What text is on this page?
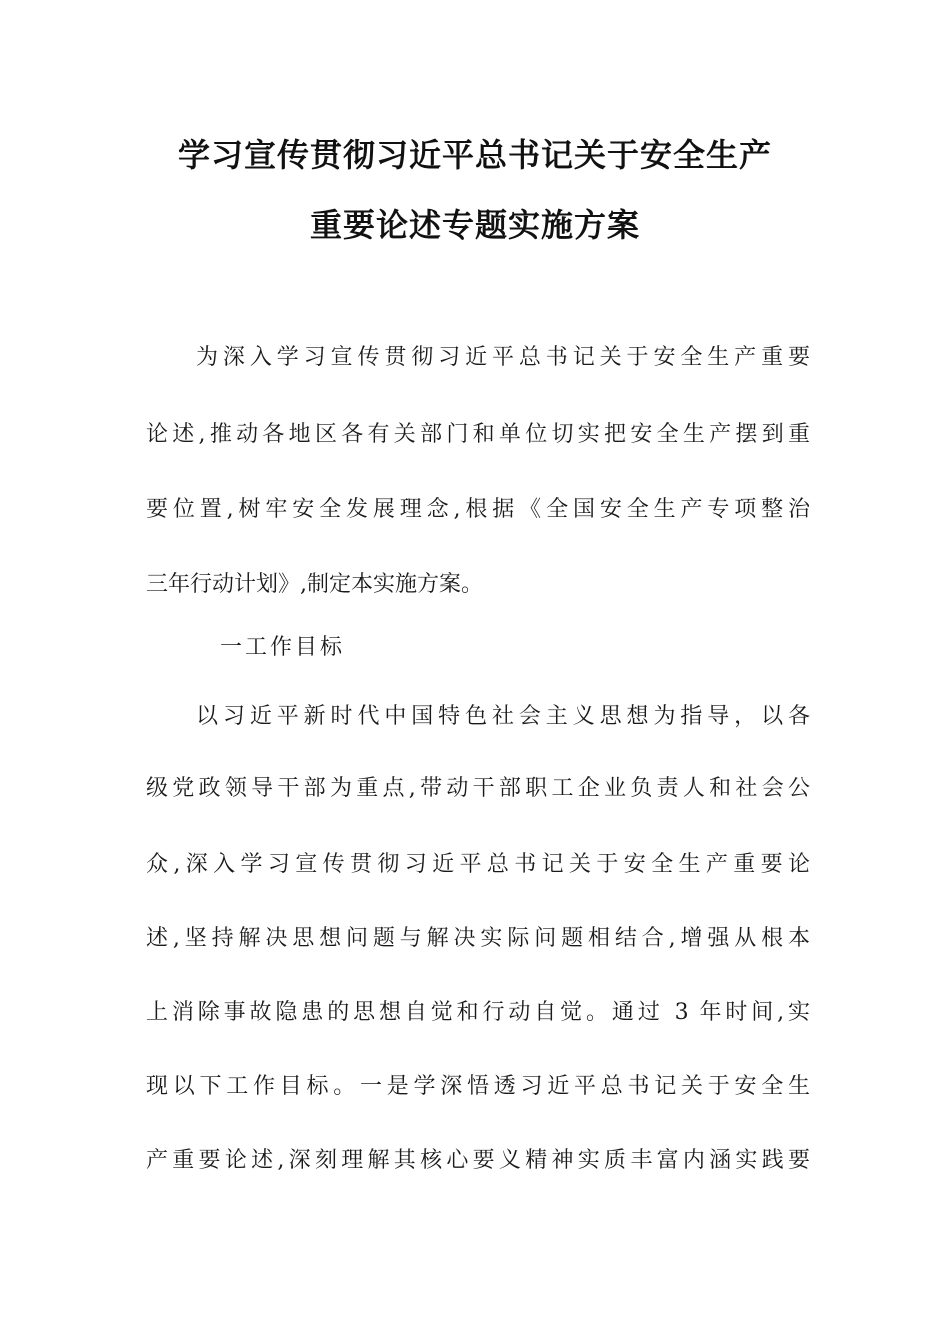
学习宣传贯彻习近平总书记关于安全生产
重要论述专题实施方案
为深入学习宣传贯彻习近平总书记关于安全生产重要
论述,推动各地区各有关部门和单位切实把安全生产摆到重
要位置,树牢安全发展理念,根据《全国安全生产专项整治
三年行动计划》,制定本实施方案。
一工作目标
以习近平新时代中国特色社会主义思想为指导，以各
级党政领导干部为重点,带动干部职工企业负责人和社会公
众,深入学习宣传贯彻习近平总书记关于安全生产重要论
述,坚持解决思想问题与解决实际问题相结合,增强从根本
上消除事故隐患的思想自觉和行动自觉。通过 3 年时间,实
现以下工作目标。一是学深悟透习近平总书记关于安全生
产重要论述,深刻理解其核心要义精神实质丰富内涵实践要
